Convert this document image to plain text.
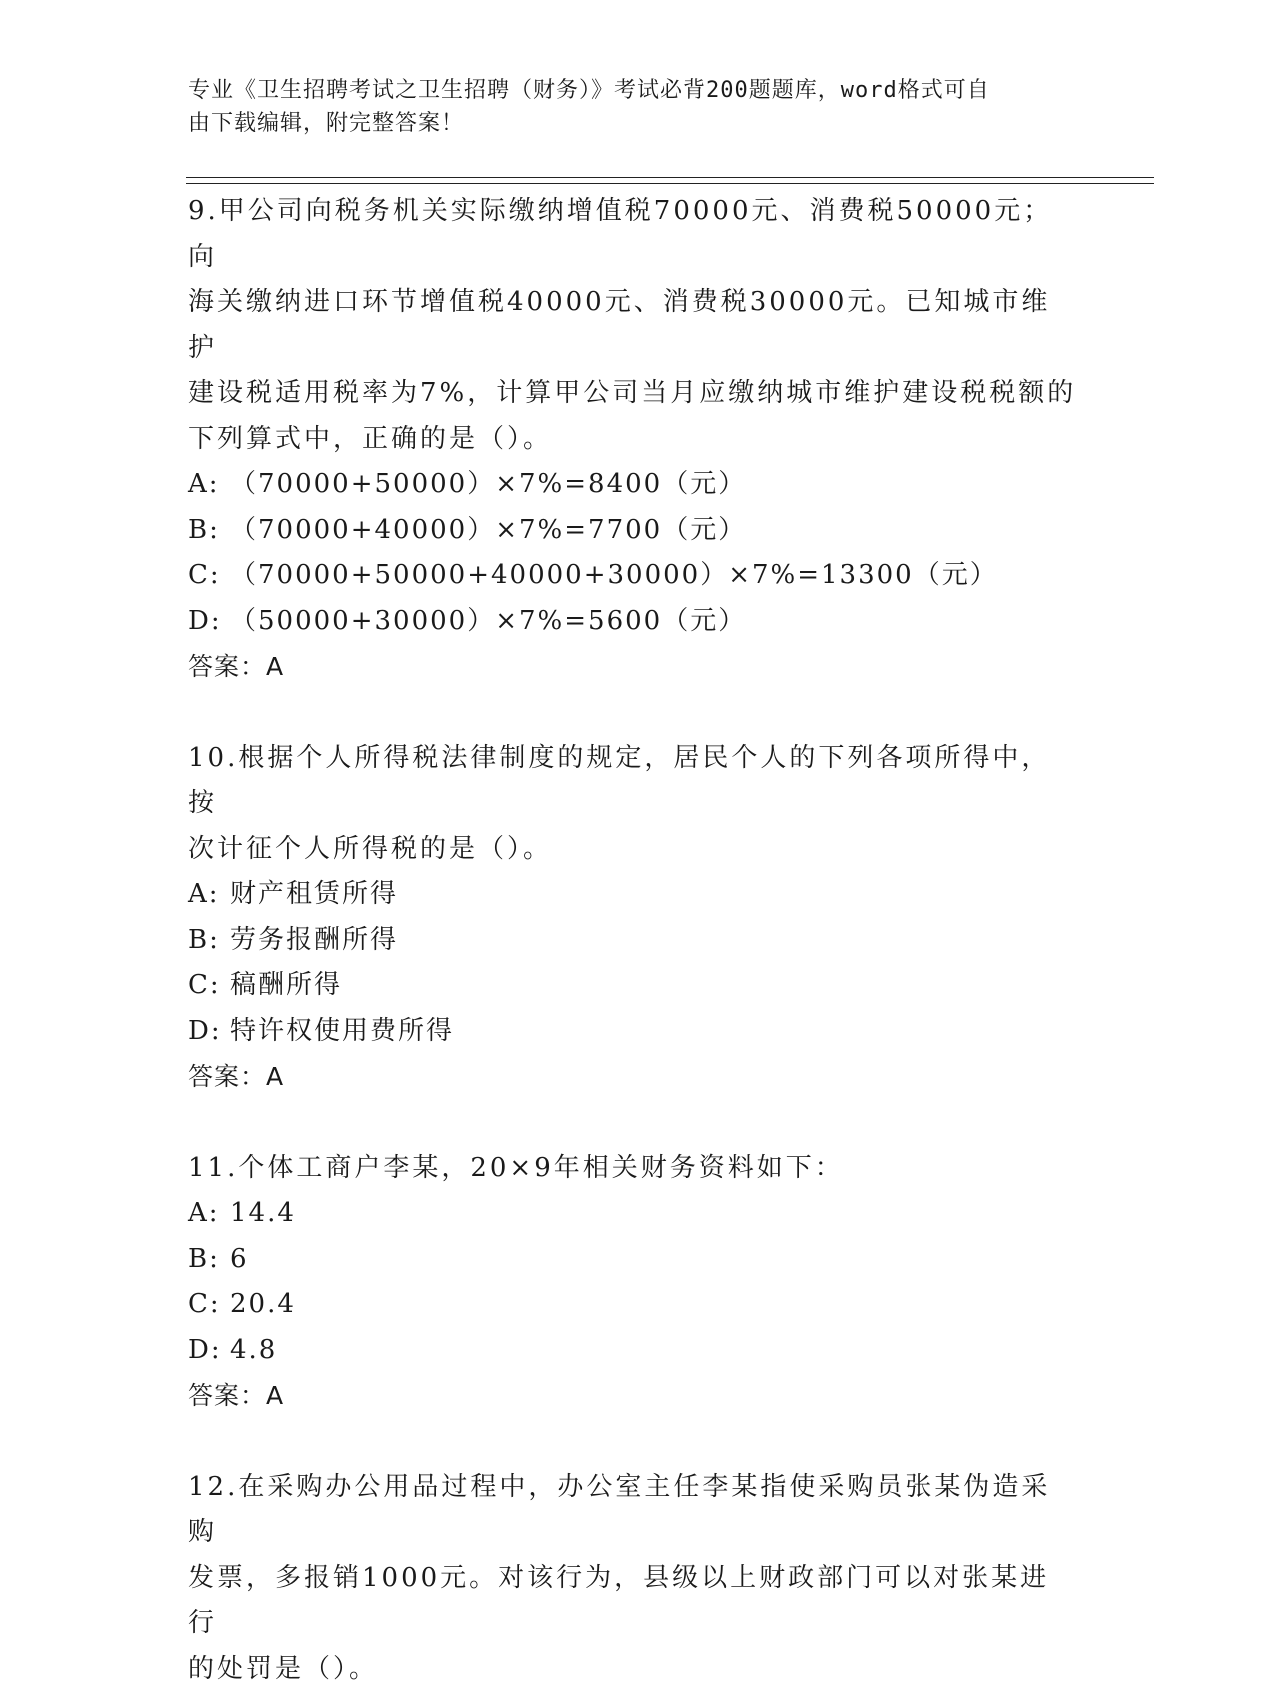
专业《卫生招聘考试之卫生招聘（财务）》考试必背200题题库，word格式可自
由下载编辑，附完整答案！

9.甲公司向税务机关实际缴纳增值税70000元、消费税50000元；向

海关缴纳进口环节增值税40000元、消费税30000元。已知城市维护

建设税适用税率为7%，计算甲公司当月应缴纳城市维护建设税税额的

下列算式中，正确的是（）。

A: （70000+50000）×7%=8400（元）

B: （70000+40000）×7%=7700（元）

C: （70000+50000+40000+30000）×7%=13300（元）

D: （50000+30000）×7%=5600（元）

答案：A

10.根据个人所得税法律制度的规定，居民个人的下列各项所得中，按

次计征个人所得税的是（）。

A: 财产租赁所得

B: 劳务报酬所得

C: 稿酬所得

D: 特许权使用费所得

答案：A

11.个体工商户李某，20×9年相关财务资料如下：

A: 14.4

B: 6

C: 20.4

D: 4.8

答案：A

12.在采购办公用品过程中，办公室主任李某指使采购员张某伪造采购

发票，多报销1000元。对该行为，县级以上财政部门可以对张某进行

的处罚是（）。
